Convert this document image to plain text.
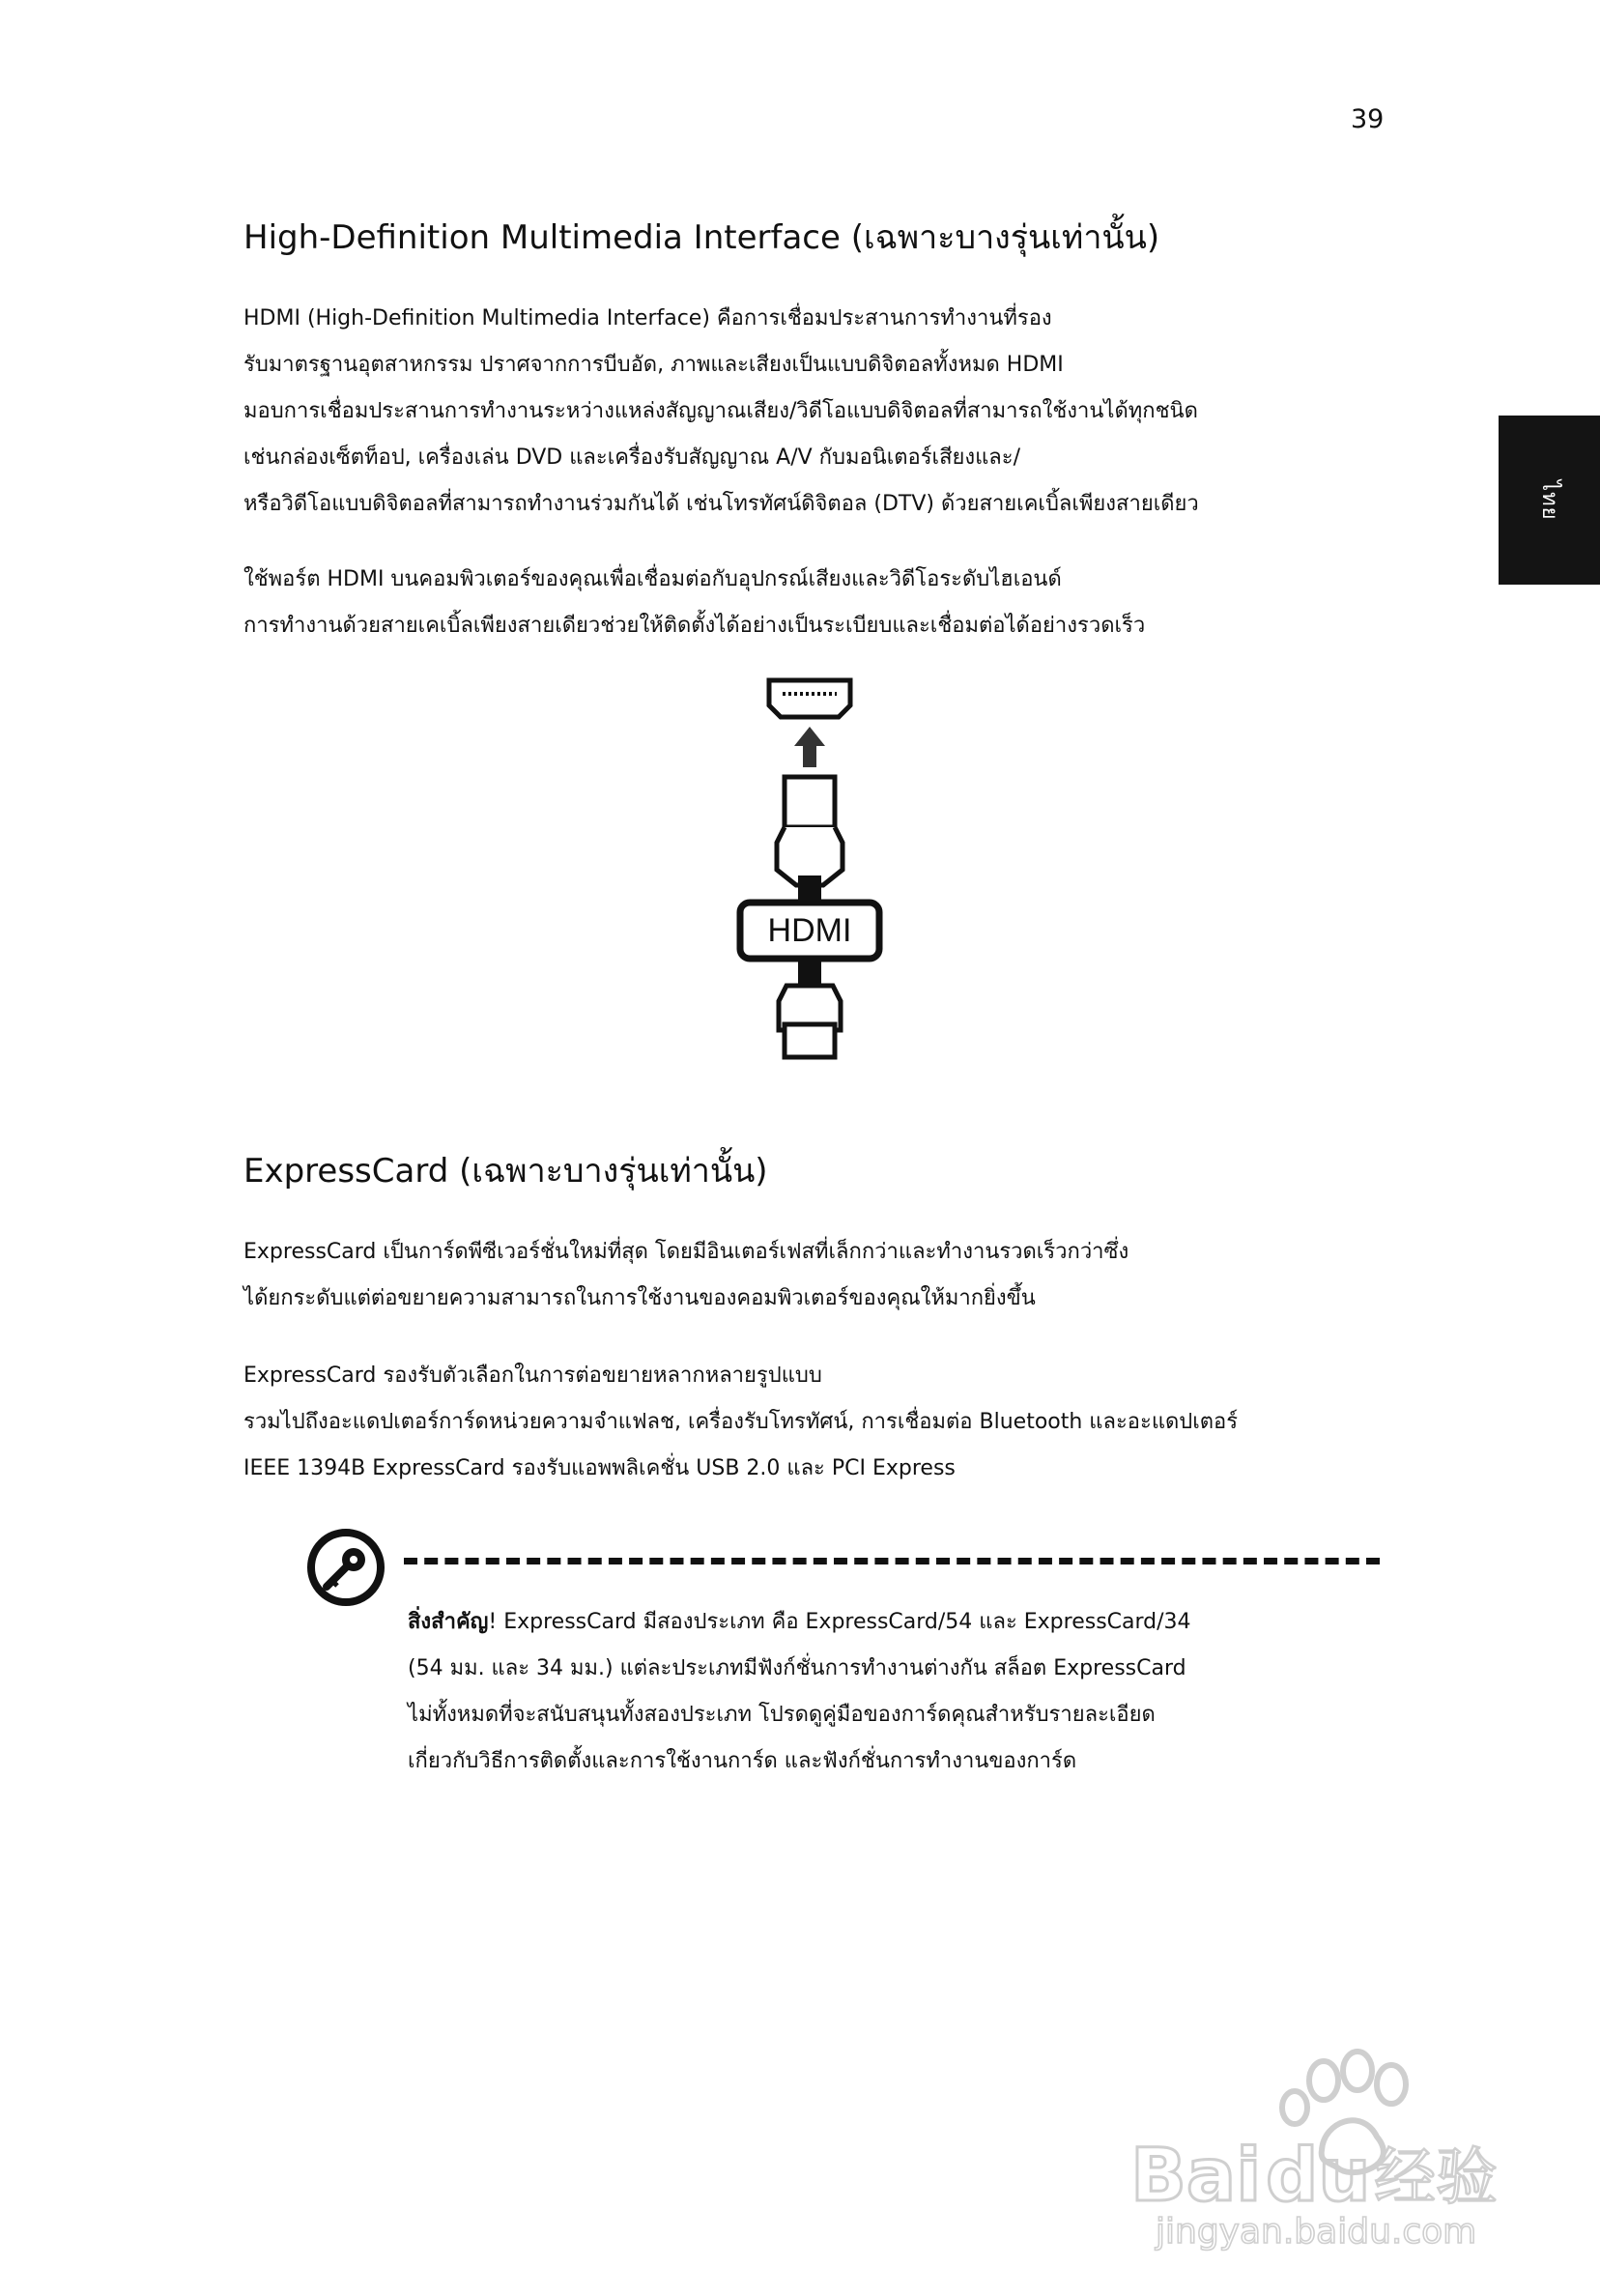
39
ไทย
High-Definition Multimedia Interface (เฉพาะบางรุ่นเท่านั้น)

HDMI (High-Definition Multimedia Interface) คือการเชื่อมประสานการทำงานที่รอง
รับมาตรฐานอุตสาหกรรม ปราศจากการบีบอัด, ภาพและเสียงเป็นแบบดิจิตอลทั้งหมด HDMI
มอบการเชื่อมประสานการทำงานระหว่างแหล่งสัญญาณเสียง/วิดีโอแบบดิจิตอลที่สามารถใช้งานได้ทุกชนิด
เช่นกล่องเซ็ตท็อป, เครื่องเล่น DVD และเครื่องรับสัญญาณ A/V กับมอนิเตอร์เสียงและ/
หรือวิดีโอแบบดิจิตอลที่สามารถทำงานร่วมกันได้ เช่นโทรทัศน์ดิจิตอล (DTV) ด้วยสายเคเบิ้ลเพียงสายเดียว

ใช้พอร์ต HDMI บนคอมพิวเตอร์ของคุณเพื่อเชื่อมต่อกับอุปกรณ์เสียงและวิดีโอระดับไฮเอนด์
การทำงานด้วยสายเคเบิ้ลเพียงสายเดียวช่วยให้ติดตั้งได้อย่างเป็นระเบียบและเชื่อมต่อได้อย่างรวดเร็ว

HDMI
ExpressCard (เฉพาะบางรุ่นเท่านั้น)

ExpressCard เป็นการ์ดพีซีเวอร์ชั่นใหม่ที่สุด โดยมีอินเตอร์เฟสที่เล็กกว่าและทำงานรวดเร็วกว่าซึ่ง
ได้ยกระดับแต่ต่อขยายความสามารถในการใช้งานของคอมพิวเตอร์ของคุณให้มากยิ่งขึ้น

ExpressCard รองรับตัวเลือกในการต่อขยายหลากหลายรูปแบบ
รวมไปถึงอะแดปเตอร์การ์ดหน่วยความจำแฟลช, เครื่องรับโทรทัศน์, การเชื่อมต่อ Bluetooth และอะแดปเตอร์
IEEE 1394B ExpressCard รองรับแอพพลิเคชั่น USB 2.0 และ PCI Express

สิ่งสำคัญ! ExpressCard มีสองประเภท คือ ExpressCard/54 และ ExpressCard/34
(54 มม. และ 34 มม.) แต่ละประเภทมีฟังก์ชั่นการทำงานต่างกัน สล็อต ExpressCard
ไม่ทั้งหมดที่จะสนับสนุนทั้งสองประเภท โปรดดูคู่มือของการ์ดคุณสำหรับรายละเอียด
เกี่ยวกับวิธีการติดตั้งและการใช้งานการ์ด และฟังก์ชั่นการทำงานของการ์ด
Bai du 经验
jingyan.baidu.com
